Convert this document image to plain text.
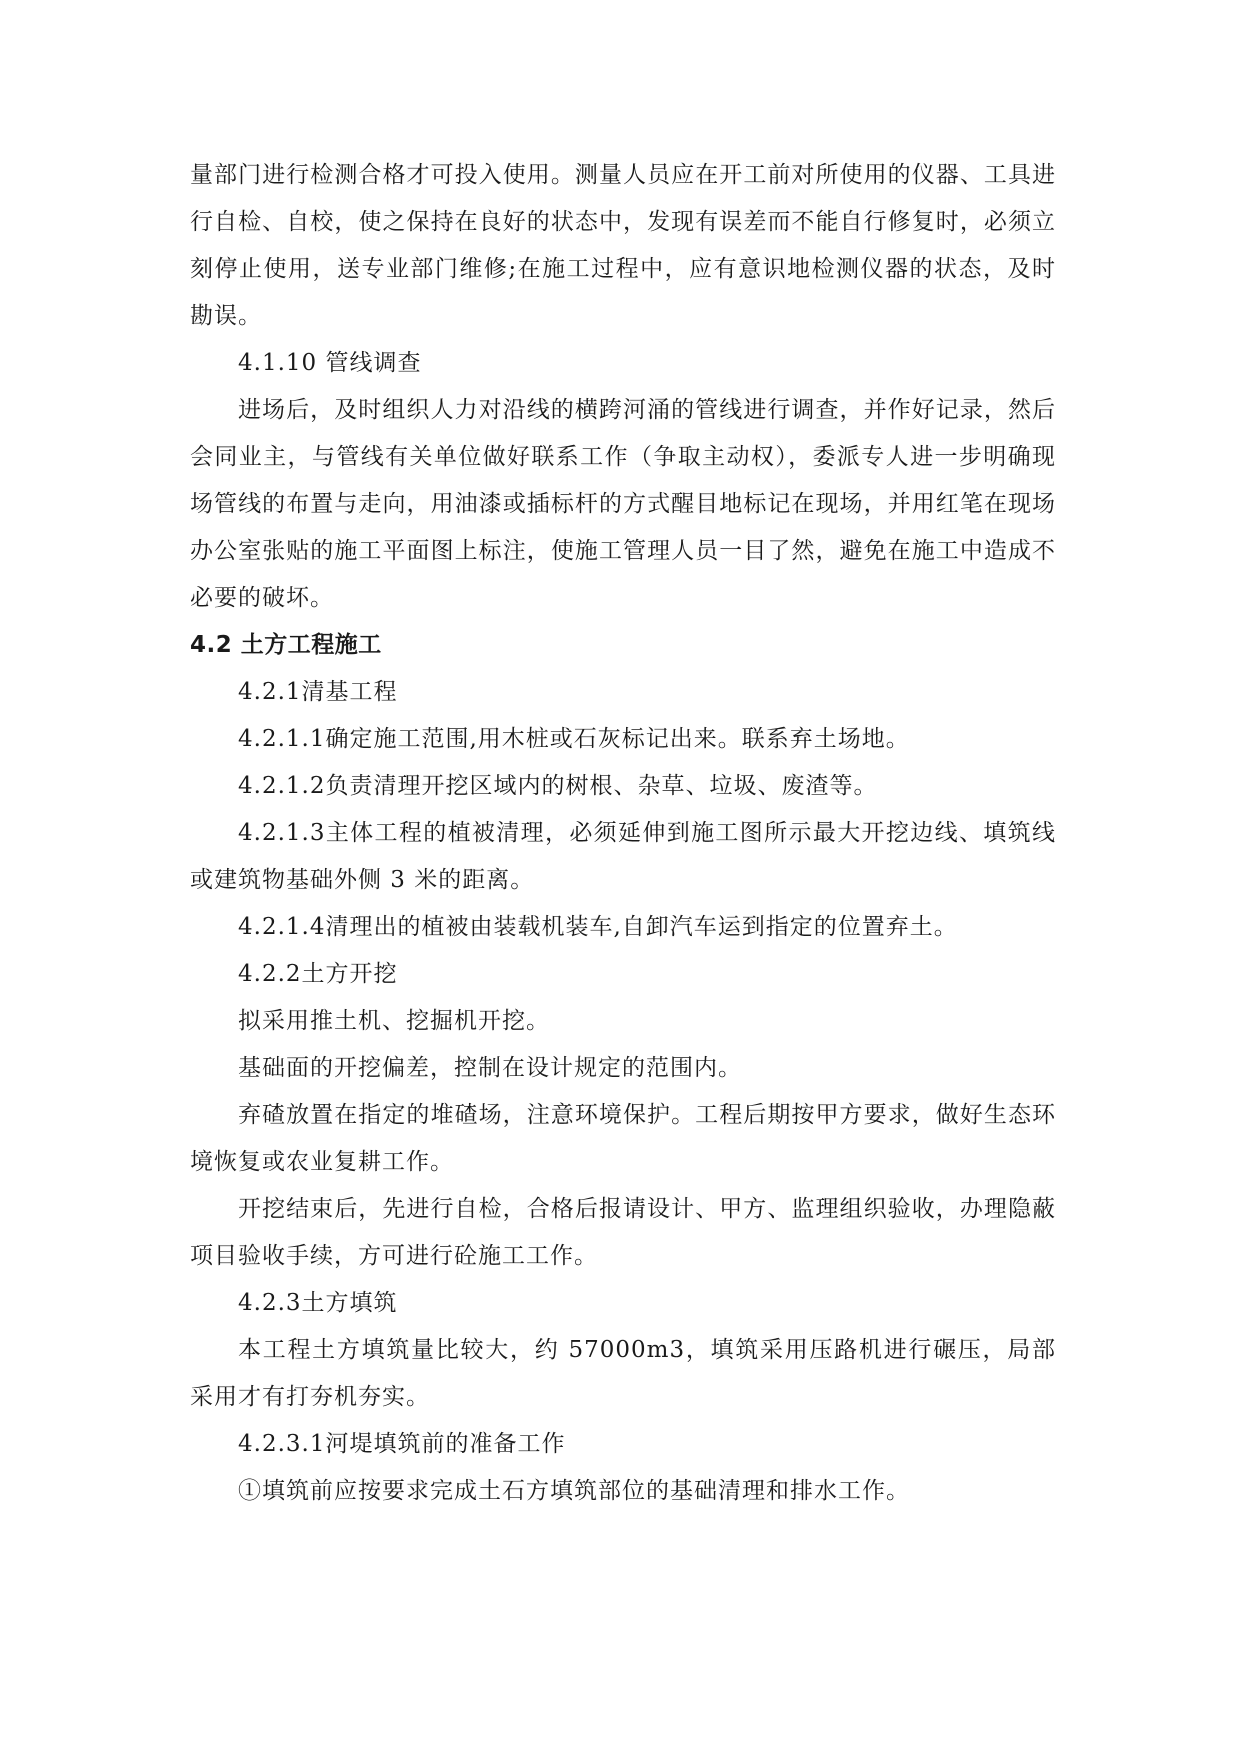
量部门进行检测合格才可投入使用。测量人员应在开工前对所使用的仪器、工具进行自检、自校，使之保持在良好的状态中，发现有误差而不能自行修复时，必须立刻停止使用，送专业部门维修;在施工过程中，应有意识地检测仪器的状态，及时勘误。

4.1.10 管线调查

进场后，及时组织人力对沿线的横跨河涌的管线进行调查，并作好记录，然后会同业主，与管线有关单位做好联系工作（争取主动权），委派专人进一步明确现场管线的布置与走向，用油漆或插标杆的方式醒目地标记在现场，并用红笔在现场办公室张贴的施工平面图上标注，使施工管理人员一目了然，避免在施工中造成不必要的破坏。

4.2 土方工程施工

4.2.1清基工程

4.2.1.1确定施工范围,用木桩或石灰标记出来。联系弃土场地。

4.2.1.2负责清理开挖区域内的树根、杂草、垃圾、废渣等。

4.2.1.3主体工程的植被清理，必须延伸到施工图所示最大开挖边线、填筑线或建筑物基础外侧 3 米的距离。

4.2.1.4清理出的植被由装载机装车,自卸汽车运到指定的位置弃土。

4.2.2土方开挖

拟采用推土机、挖掘机开挖。

基础面的开挖偏差，控制在设计规定的范围内。

弃碴放置在指定的堆碴场，注意环境保护。工程后期按甲方要求，做好生态环境恢复或农业复耕工作。

开挖结束后，先进行自检，合格后报请设计、甲方、监理组织验收，办理隐蔽项目验收手续，方可进行砼施工工作。

4.2.3土方填筑

本工程土方填筑量比较大，约 57000m3，填筑采用压路机进行碾压，局部采用才有打夯机夯实。

4.2.3.1河堤填筑前的准备工作

①填筑前应按要求完成土石方填筑部位的基础清理和排水工作。
